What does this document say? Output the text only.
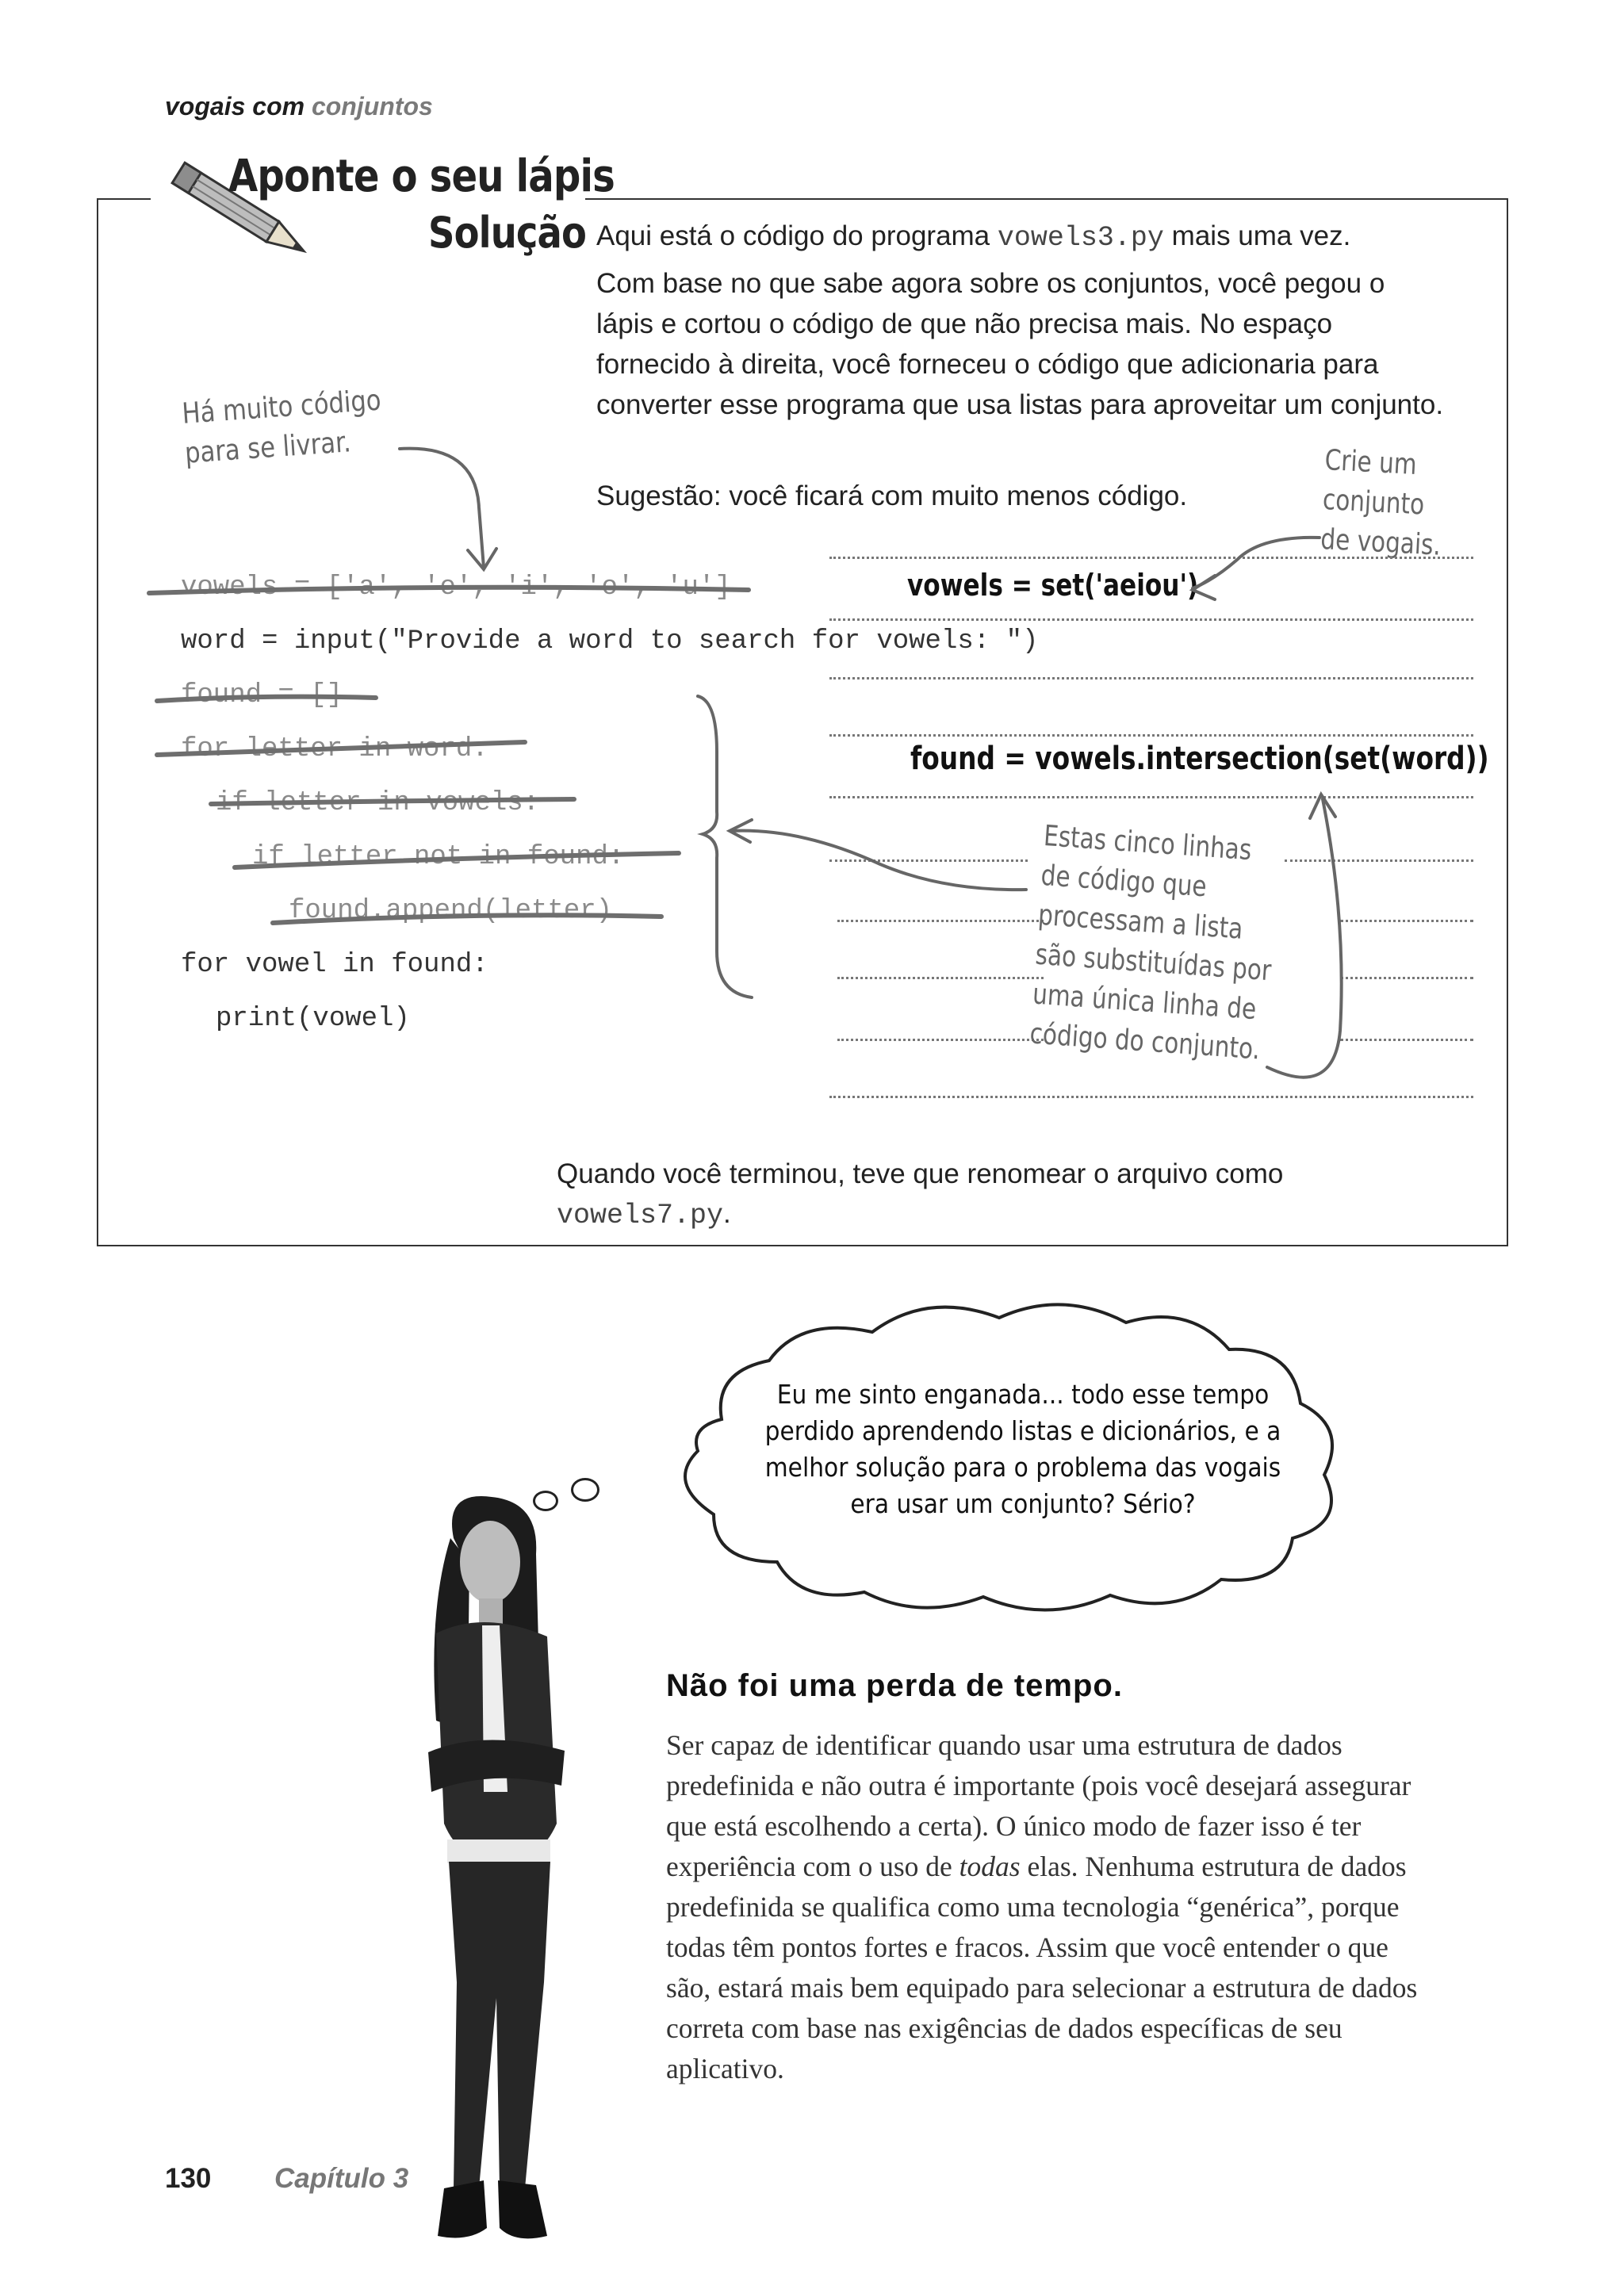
vogais com conjuntos
Aponte o seu lápis
Solução Aqui está o código do programa vowels3.py mais uma vez.
Com base no que sabe agora sobre os conjuntos, você pegou o lápis e cortou o código de que não precisa mais. No espaço fornecido à direita, você forneceu o código que adicionaria para converter esse programa que usa listas para aproveitar um conjunto.
Sugestão: você ficará com muito menos código.
Há muito código
para se livrar.	Crie um
conjunto
de vogais.
vowels = ['a', 'e', 'i', 'o', 'u']
word = input("Provide a word to search for vowels: ")
found = []
for letter in word:
if letter in vowels:
if letter not in found:
found.append(letter)
for vowel in found:
print(vowel)
vowels = set('aeiou')
found = vowels.intersection(set(word))
Estas cinco linhas
de código que
processam a lista
são substituídas por
uma única linha de
código do conjunto.
Quando você terminou, teve que renomear o arquivo como
vowels7.py.
Eu me sinto enganada... todo esse tempo perdido aprendendo listas e dicionários, e a melhor solução para o problema das vogais era usar um conjunto? Sério?
Não foi uma perda de tempo.
Ser capaz de identificar quando usar uma estrutura de dados predefinida e não outra é importante (pois você desejará assegurar que está escolhendo a certa). O único modo de fazer isso é ter experiência com o uso de todas elas. Nenhuma estrutura de dados predefinida se qualifica como uma tecnologia “genérica”, porque todas têm pontos fortes e fracos. Assim que você entender o que são, estará mais bem equipado para selecionar a estrutura de dados correta com base nas exigências de dados específicas de seu aplicativo.
130 Capítulo 3
